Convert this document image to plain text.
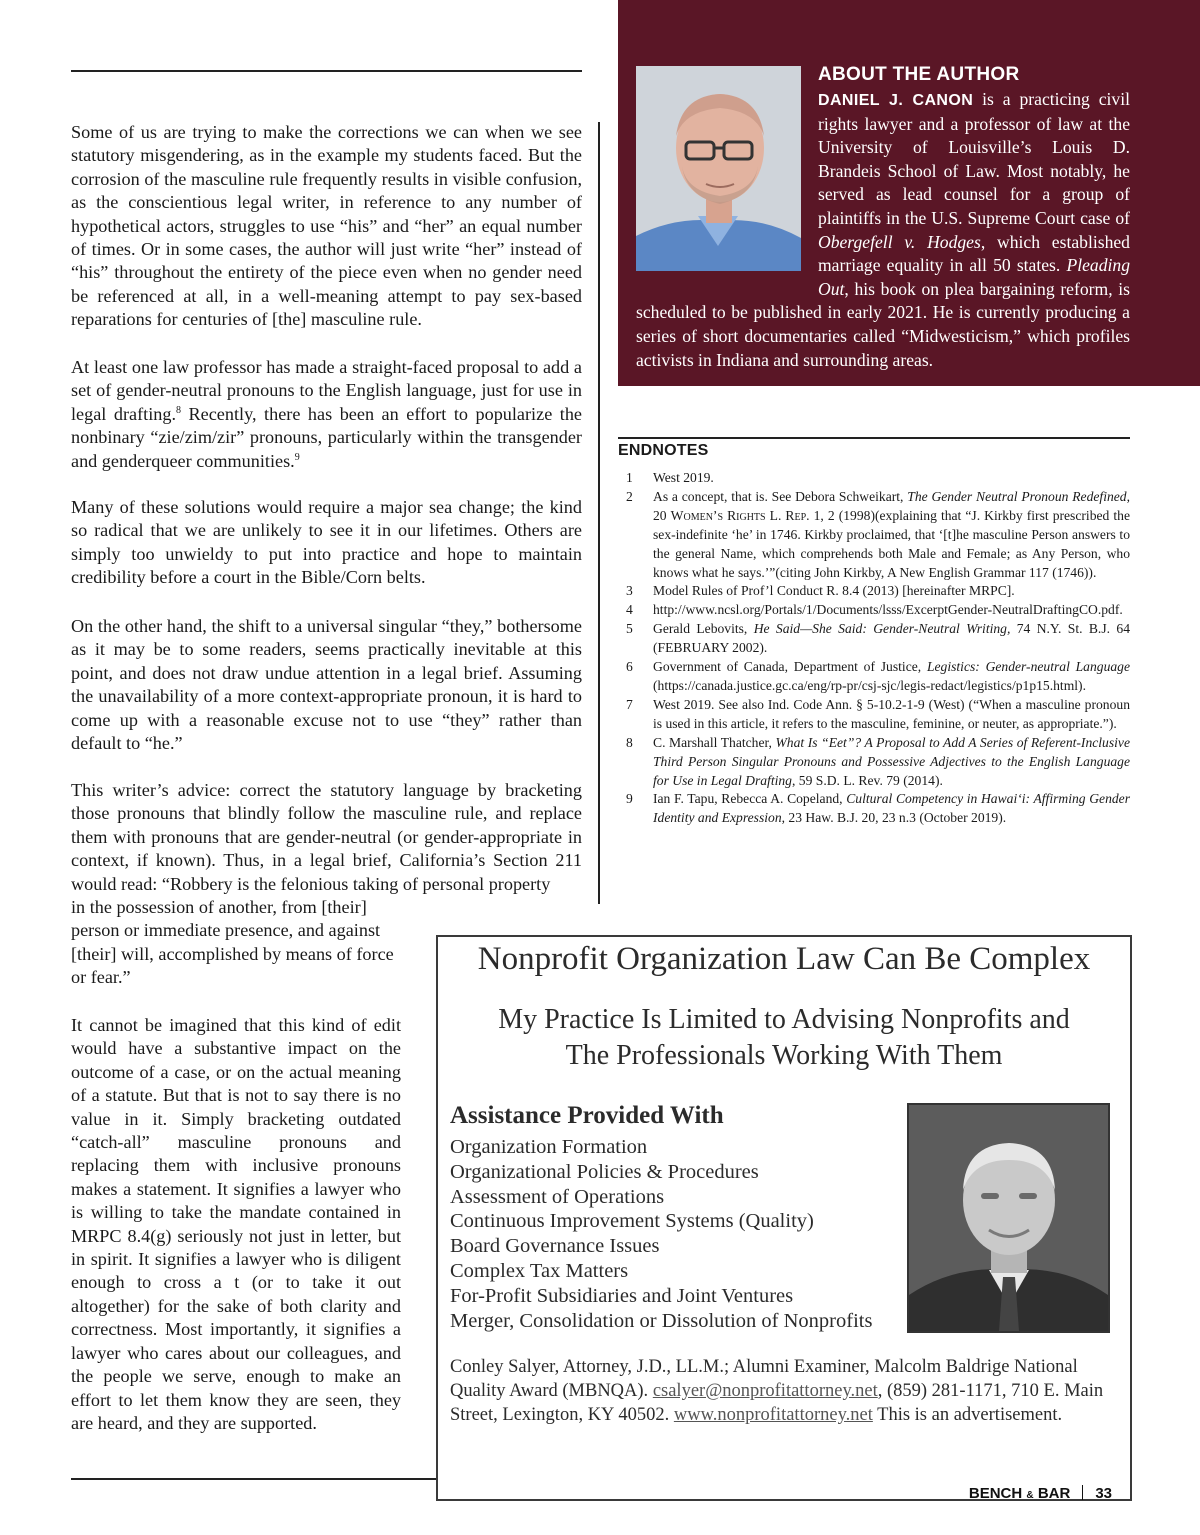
Some of us are trying to make the corrections we can when we see statutory misgendering, as in the example my students faced. But the corrosion of the masculine rule frequently results in visible confusion, as the conscientious legal writer, in reference to any number of hypothetical actors, struggles to use “his” and “her” an equal number of times. Or in some cases, the author will just write “her” instead of “his” throughout the entirety of the piece even when no gender need be referenced at all, in a well-meaning attempt to pay sex-based reparations for centuries of [the] masculine rule.

At least one law professor has made a straight-faced proposal to add a set of gender-neutral pronouns to the English language, just for use in legal drafting.$^8$ Recently, there has been an effort to popularize the nonbinary “zie/zim/zir” pronouns, particularly within the transgender and genderqueer communities.$^9$

Many of these solutions would require a major sea change; the kind so radical that we are unlikely to see it in our lifetimes. Others are simply too unwieldy to put into practice and hope to maintain credibility before a court in the Bible/Corn belts.

On the other hand, the shift to a universal singular “they,” bothersome as it may be to some readers, seems practically inevitable at this point, and does not draw undue attention in a legal brief. Assuming the unavailability of a more context-appropriate pronoun, it is hard to come up with a reasonable excuse not to use “they” rather than default to “he.”

This writer’s advice: correct the statutory language by bracketing those pronouns that blindly follow the masculine rule, and replace them with pronouns that are gender-neutral (or gender-appropriate in context, if known). Thus, in a legal brief, California’s Section 211 would read: “Robbery is the felonious taking of personal property

in the possession of another, from [their] person or immediate presence, and against [their] will, accomplished by means of force or fear.”

It cannot be imagined that this kind of edit would have a substantive impact on the outcome of a case, or on the actual meaning of a statute. But that is not to say there is no value in it. Simply bracketing outdated “catch-all” masculine pronouns and replacing them with inclusive pronouns makes a statement. It signifies a lawyer who is willing to take the mandate contained in MRPC 8.4(g) seriously not just in letter, but in spirit. It signifies a lawyer who is diligent enough to cross a t (or to take it out altogether) for the sake of both clarity and correctness. Most importantly, it signifies a lawyer who cares about our colleagues, and the people we serve, enough to make an effort to let them know they are seen, they are heard, and they are supported.

ABOUT THE AUTHOR

DANIEL J. CANON is a practicing civil rights lawyer and a professor of law at the University of Louisville’s Louis D. Brandeis School of Law. Most notably, he served as lead counsel for a group of plaintiffs in the U.S. Supreme Court case of Obergefell v. Hodges, which established marriage equality in all 50 states. Pleading Out, his book on plea bargaining reform, is scheduled to be published in early 2021. He is currently producing a series of short documentaries called “Midwesticism,” which profiles activists in Indiana and surrounding areas.

ENDNOTES
1 West 2019.
2 As a concept, that is. See Debora Schweikart, The Gender Neutral Pronoun Redefined, 20 Women’s Rights L. Rep. 1, 2 (1998)(explaining that “J. Kirkby first prescribed the sex-indefinite ‘he’ in 1746. Kirkby proclaimed, that ‘[t]he masculine Person answers to the general Name, which comprehends both Male and Female; as Any Person, who knows what he says.’”(citing John Kirkby, A New English Grammar 117 (1746)).
3 Model Rules of Prof’l Conduct R. 8.4 (2013) [hereinafter MRPC].
4 http://www.ncsl.org/Portals/1/Documents/lsss/ExcerptGender-NeutralDraftingCO.pdf.
5 Gerald Lebovits, He Said—She Said: Gender-Neutral Writing, 74 N.Y. St. B.J. 64 (FEBRUARY 2002).
6 Government of Canada, Department of Justice, Legistics: Gender-neutral Language (https://canada.justice.gc.ca/eng/rp-pr/csj-sjc/legis-redact/legistics/p1p15.html).
7 West 2019. See also Ind. Code Ann. § 5-10.2-1-9 (West) (“When a masculine pronoun is used in this article, it refers to the masculine, feminine, or neuter, as appropriate.”).
8 C. Marshall Thatcher, What Is “Eet”? A Proposal to Add A Series of Referent-Inclusive Third Person Singular Pronouns and Possessive Adjectives to the English Language for Use in Legal Drafting, 59 S.D. L. Rev. 79 (2014).
9 Ian F. Tapu, Rebecca A. Copeland, Cultural Competency in Hawai‘i: Affirming Gender Identity and Expression, 23 Haw. B.J. 20, 23 n.3 (October 2019).
Nonprofit Organization Law Can Be Complex

My Practice Is Limited to Advising Nonprofits and
The Professionals Working With Them

Assistance Provided With
Organization Formation
Organizational Policies & Procedures
Assessment of Operations
Continuous Improvement Systems (Quality)
Board Governance Issues
Complex Tax Matters
For-Profit Subsidiaries and Joint Ventures
Merger, Consolidation or Dissolution of Nonprofits

Conley Salyer, Attorney, J.D., LL.M.; Alumni Examiner, Malcolm Baldrige National Quality Award (MBNQA). csalyer@nonprofitattorney.net, (859) 281-1171, 710 E. Main Street, Lexington, KY 40502. www.nonprofitattorney.net This is an advertisement.

BENCH & BAR 33
